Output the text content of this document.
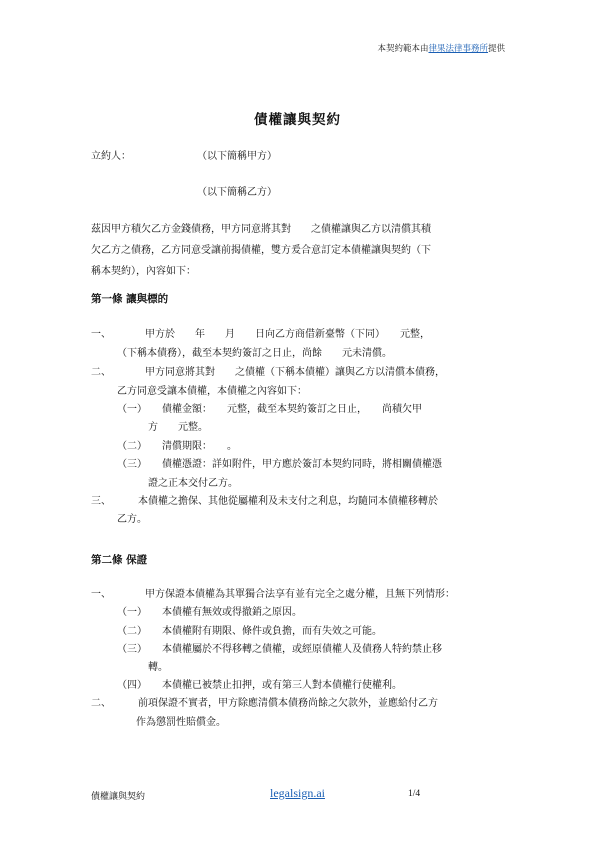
本契約範本由律果法律事務所提供
債權讓與契約
立約人：	（以下簡稱甲方）
（以下簡稱乙方）
茲因甲方積欠乙方金錢債務，甲方同意將其對　　之債權讓與乙方以清償其積
欠乙方之債務，乙方同意受讓前揭債權，雙方爰合意訂定本債權讓與契約（下
稱本契約），內容如下：
第一條 讓與標的
一、	甲方於　　年　　月　　日向乙方商借新臺幣（下同）　　元整，
（下稱本債務），截至本契約簽訂之日止，尚餘　　元未清償。
二、	甲方同意將其對　　之債權（下稱本債權）讓與乙方以清償本債務，
乙方同意受讓本債權，本債權之內容如下：
（一） 債權金額：　　元整，截至本契約簽訂之日止，　　尚積欠甲
方　　元整。
（二） 清償期限：　　。
（三） 債權憑證：詳如附件，甲方應於簽訂本契約同時，將相關債權憑
證之正本交付乙方。
三、	本債權之擔保、其他從屬權利及未支付之利息，均隨同本債權移轉於
乙方。
第二條 保證
一、	甲方保證本債權為其單獨合法享有並有完全之處分權，且無下列情形：
（一） 本債權有無效或得撤銷之原因。
（二） 本債權附有期限、條件或負擔，而有失效之可能。
（三） 本債權屬於不得移轉之債權，或經原債權人及債務人特約禁止移
轉。
（四） 本債權已被禁止扣押，或有第三人對本債權行使權利。
二、	前項保證不實者，甲方除應清償本債務尚餘之欠款外，並應給付乙方
作為懲罰性賠償金。
債權讓與契約	legalsign.ai	1/4
